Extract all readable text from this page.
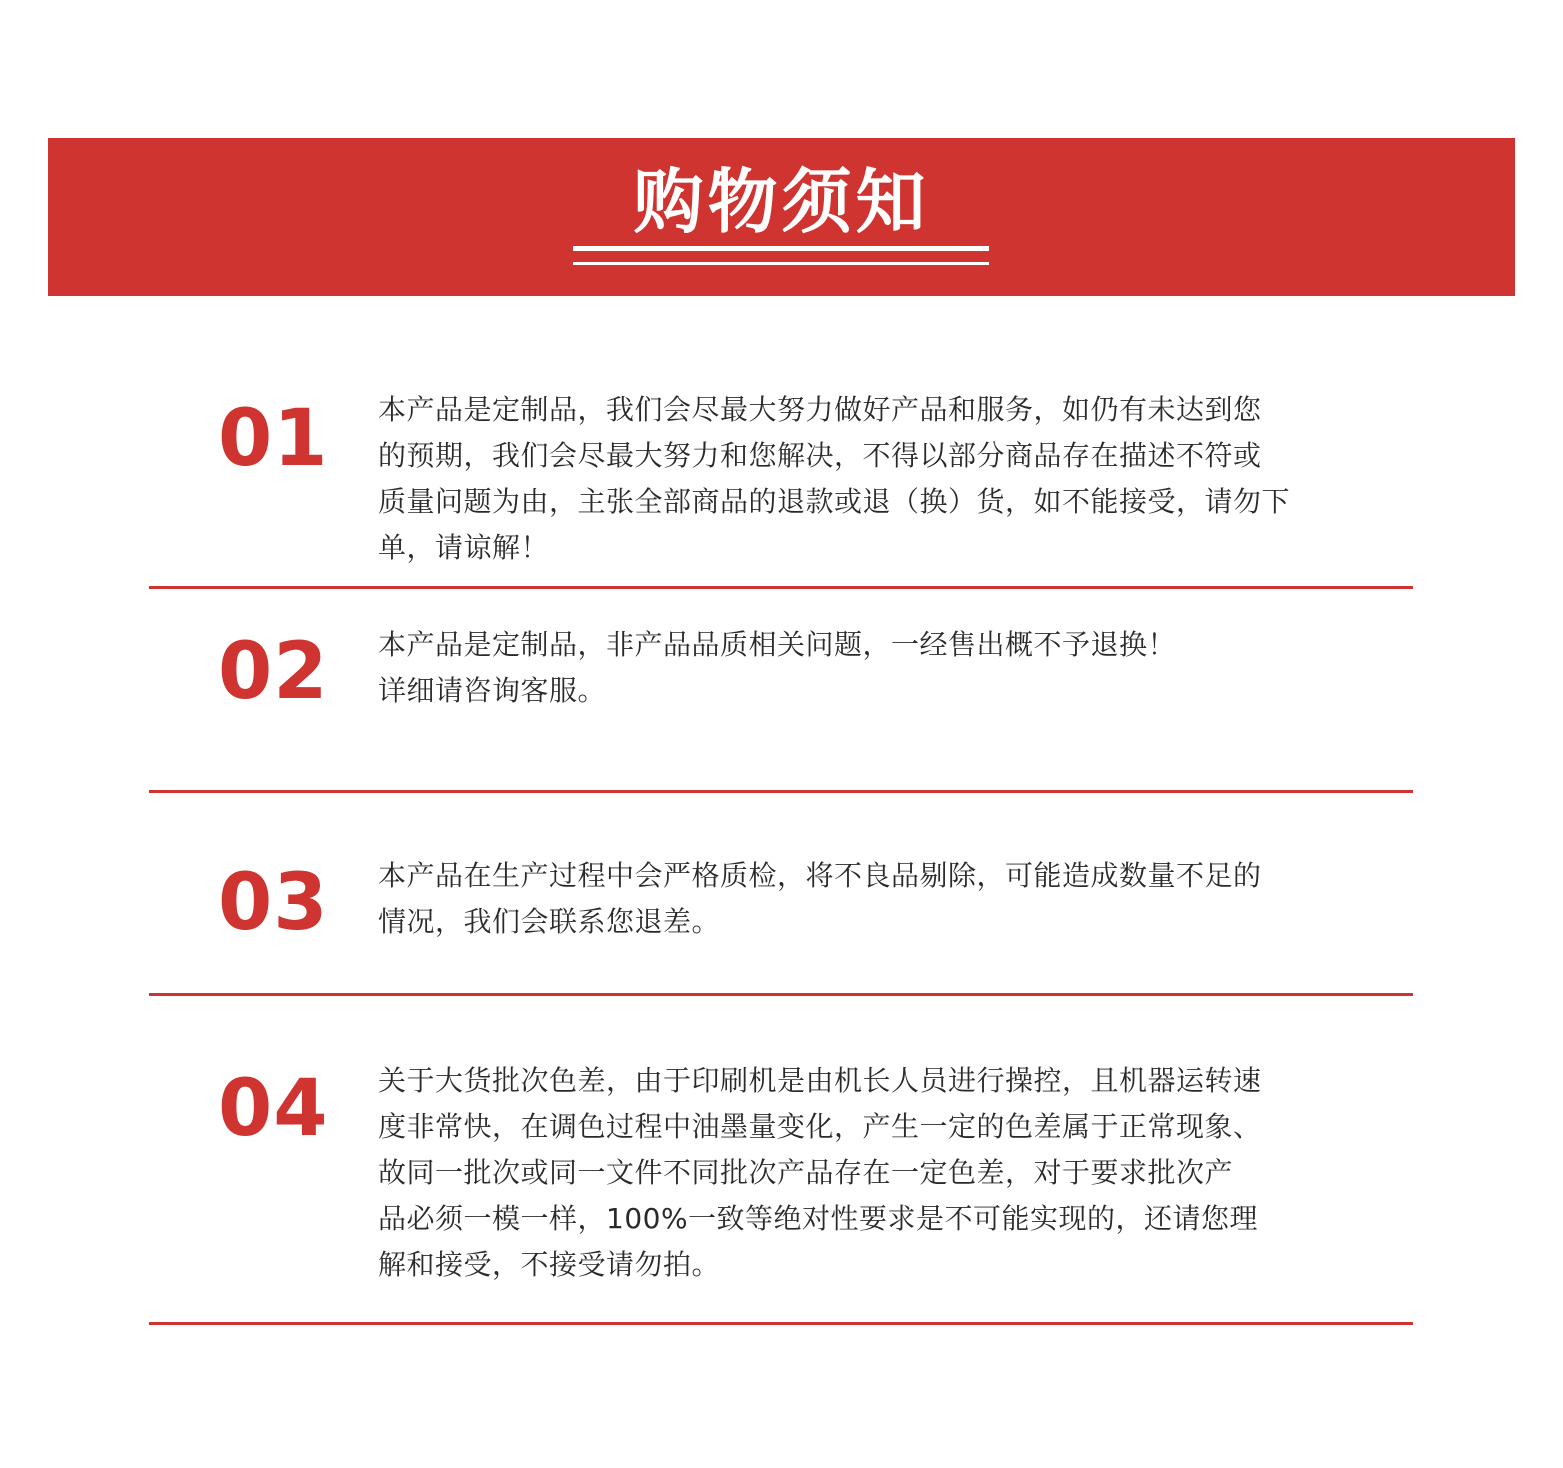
购物须知
01 本产品是定制品，我们会尽最大努力做好产品和服务，如仍有未达到您
的预期，我们会尽最大努力和您解决，不得以部分商品存在描述不符或
质量问题为由，主张全部商品的退款或退（换）货，如不能接受，请勿下
单，请谅解！
02 本产品是定制品，非产品品质相关问题，一经售出概不予退换！
详细请咨询客服。
03 本产品在生产过程中会严格质检，将不良品剔除，可能造成数量不足的
情况，我们会联系您退差。
04 关于大货批次色差，由于印刷机是由机长人员进行操控，且机器运转速
度非常快，在调色过程中油墨量变化，产生一定的色差属于正常现象、
故同一批次或同一文件不同批次产品存在一定色差，对于要求批次产
品必须一模一样，100%一致等绝对性要求是不可能实现的，还请您理
解和接受，不接受请勿拍。
